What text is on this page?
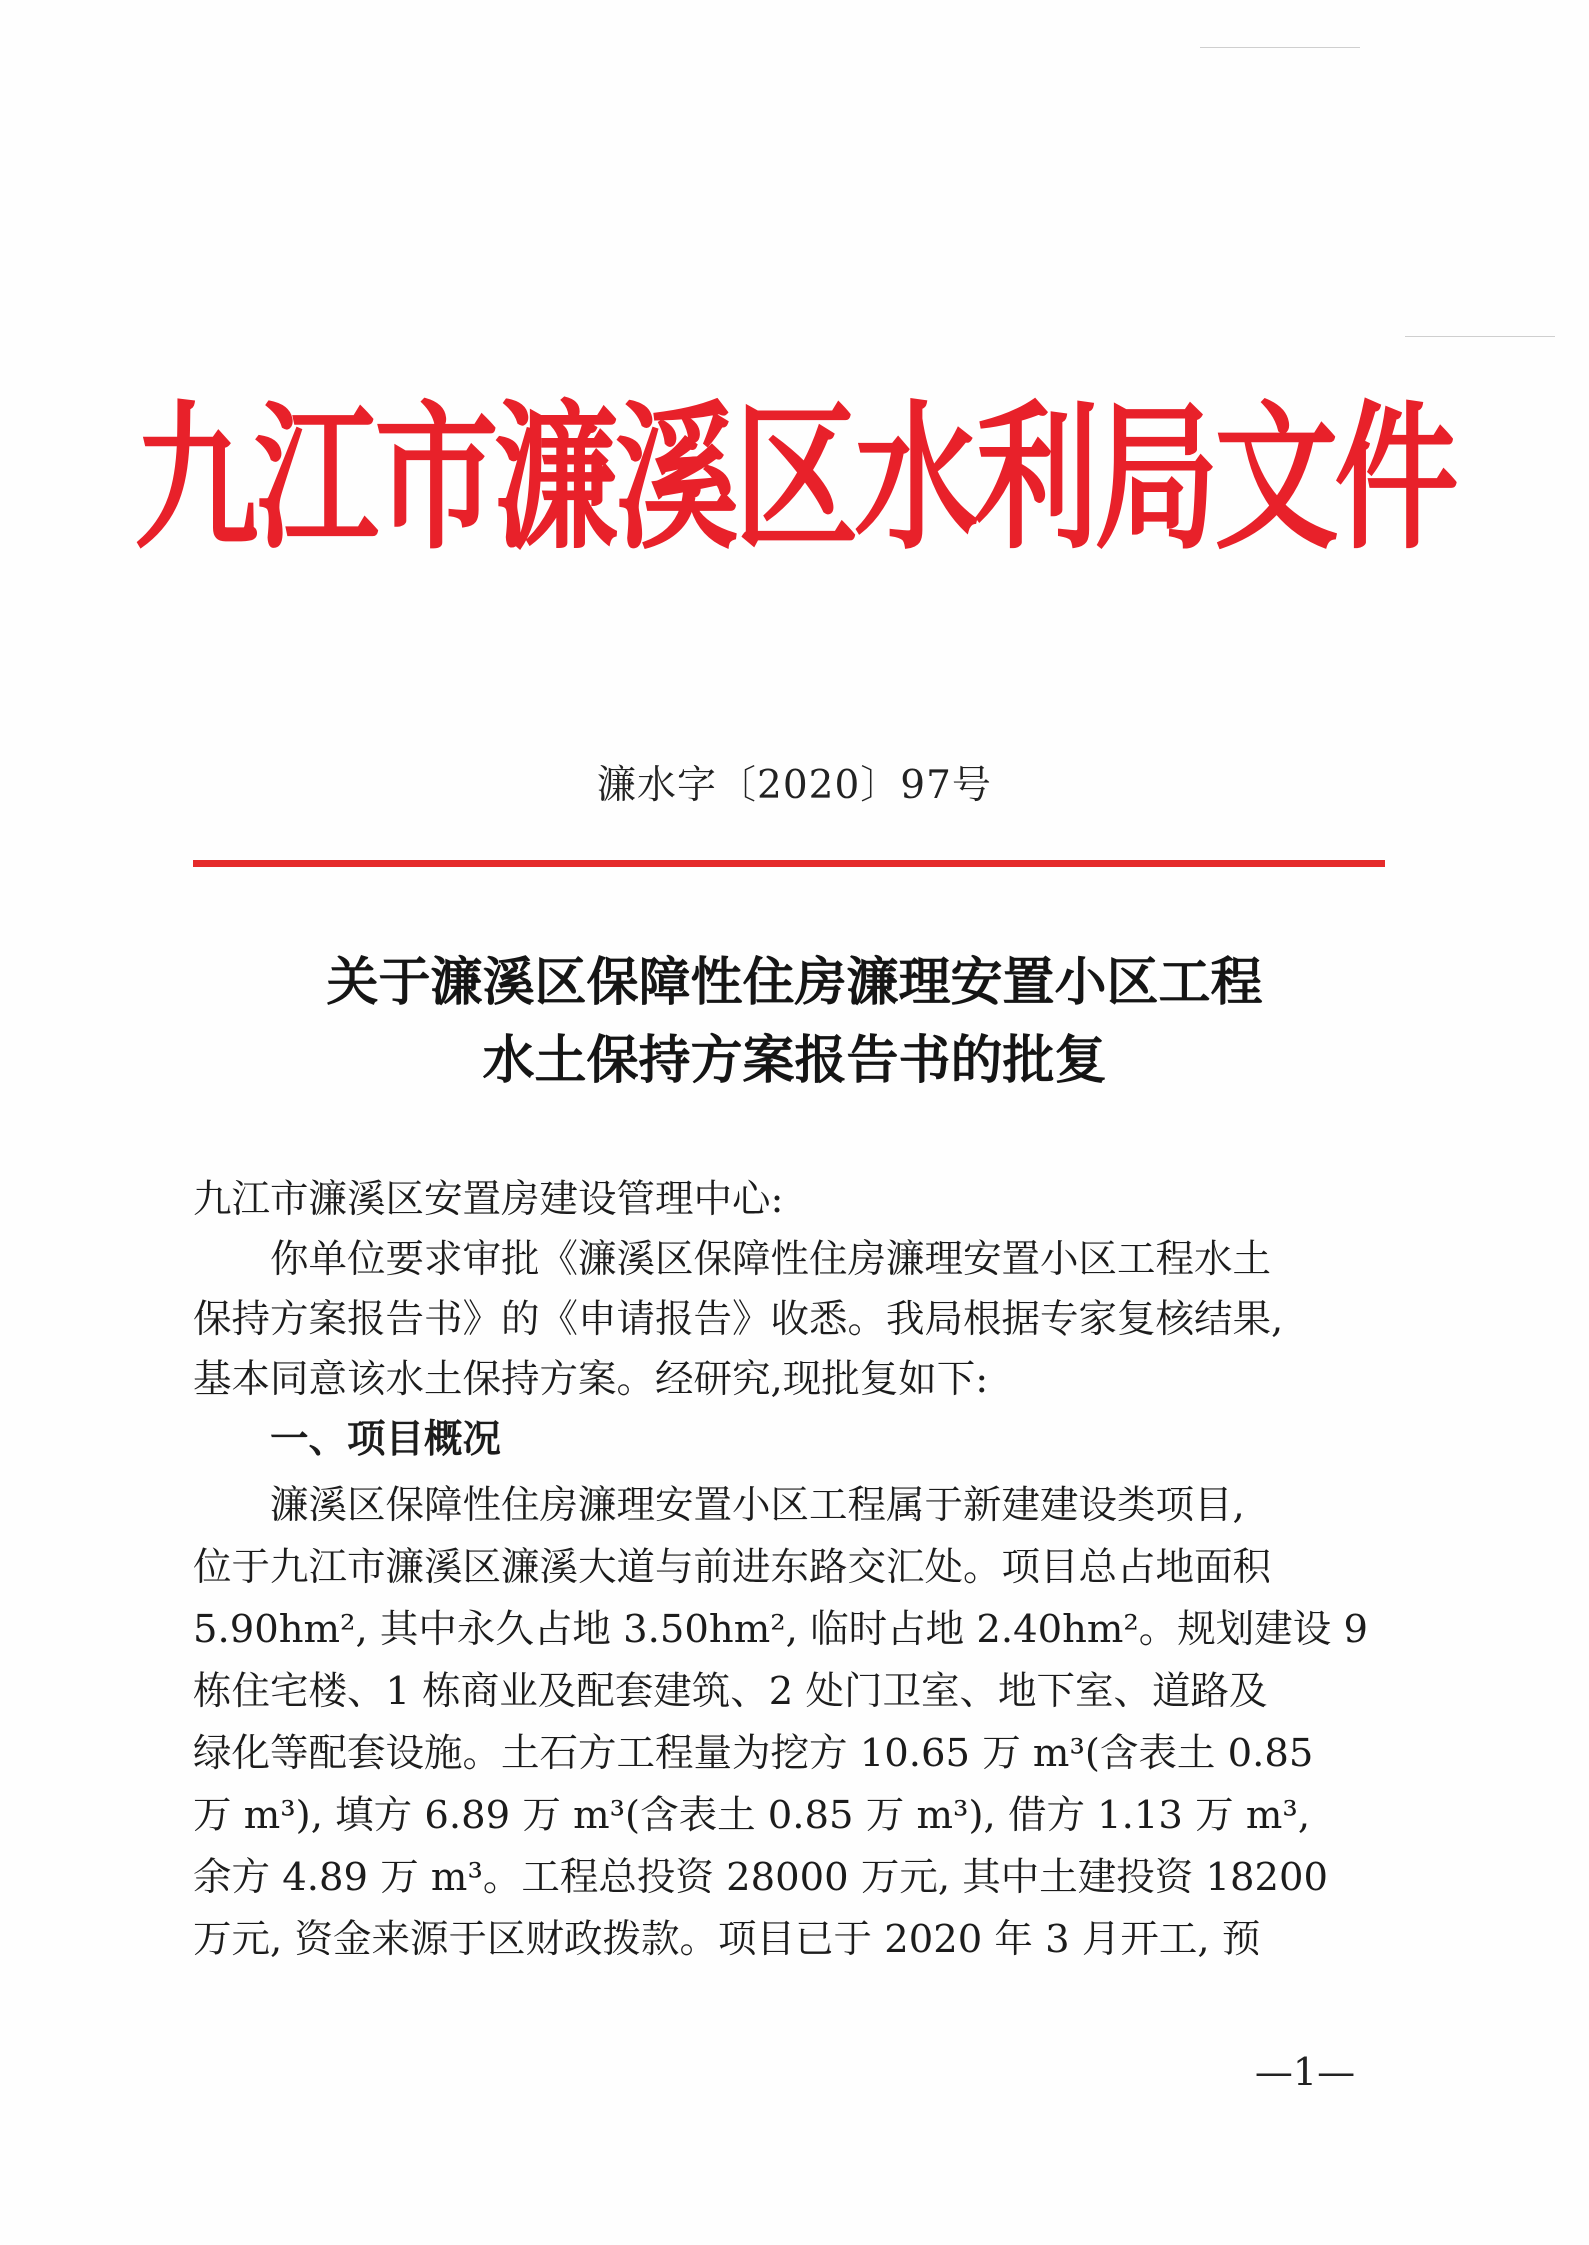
九江市濂溪区水利局文件
濂水字〔2020〕97号
关于濂溪区保障性住房濂理安置小区工程
水土保持方案报告书的批复
九江市濂溪区安置房建设管理中心:
你单位要求审批《濂溪区保障性住房濂理安置小区工程水土
保持方案报告书》的《申请报告》收悉。我局根据专家复核结果,
基本同意该水土保持方案。经研究,现批复如下:
一、项目概况
濂溪区保障性住房濂理安置小区工程属于新建建设类项目,
位于九江市濂溪区濂溪大道与前进东路交汇处。项目总占地面积
5.90hm², 其中永久占地 3.50hm², 临时占地 2.40hm²。规划建设 9
栋住宅楼、1 栋商业及配套建筑、2 处门卫室、地下室、道路及
绿化等配套设施。土石方工程量为挖方 10.65 万 m³(含表土 0.85
万 m³), 填方 6.89 万 m³(含表土 0.85 万 m³), 借方 1.13 万 m³,
余方 4.89 万 m³。工程总投资 28000 万元, 其中土建投资 18200
万元, 资金来源于区财政拨款。项目已于 2020 年 3 月开工, 预
—1—
